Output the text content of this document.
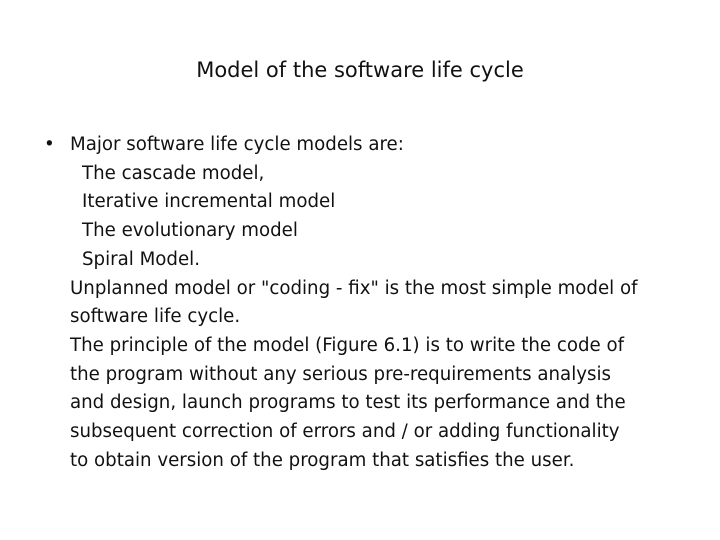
Model of the software life cycle
• Major software life cycle models are:
The cascade model,
Iterative incremental model
The evolutionary model
Spiral Model.
Unplanned model or "coding - fix" is the most simple model of
software life cycle.
The principle of the model (Figure 6.1) is to write the code of
the program without any serious pre-requirements analysis
and design, launch programs to test its performance and the
subsequent correction of errors and / or adding functionality
to obtain version of the program that satisfies the user.
